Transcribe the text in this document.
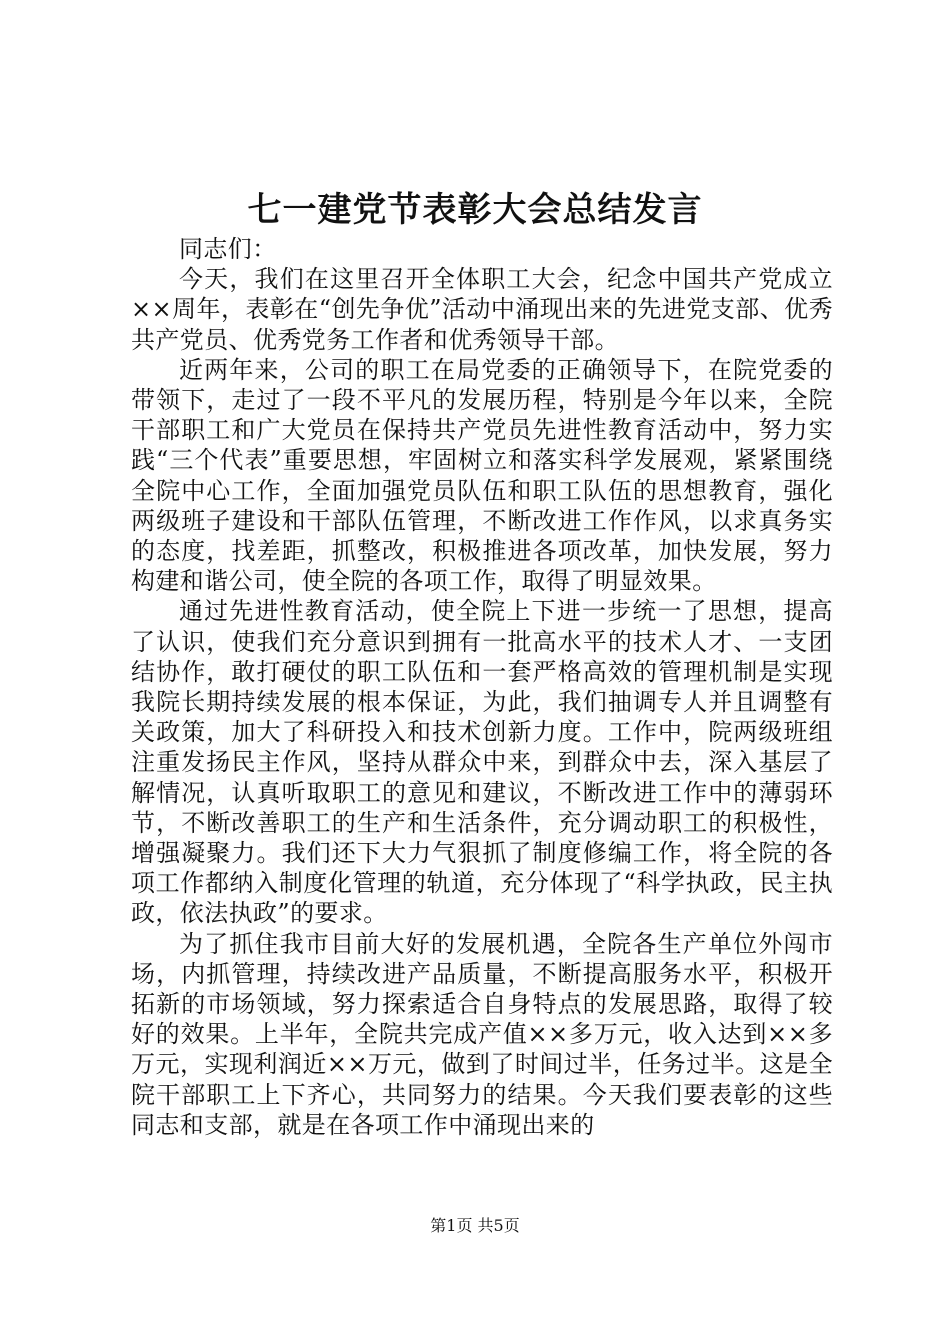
七一建党节表彰大会总结发言

同志们：

今天，我们在这里召开全体职工大会，纪念中国共产党成立××周年，表彰在“创先争优”活动中涌现出来的先进党支部、优秀共产党员、优秀党务工作者和优秀领导干部。

近两年来，公司的职工在局党委的正确领导下，在院党委的带领下，走过了一段不平凡的发展历程，特别是今年以来，全院干部职工和广大党员在保持共产党员先进性教育活动中，努力实践“三个代表”重要思想，牢固树立和落实科学发展观，紧紧围绕全院中心工作，全面加强党员队伍和职工队伍的思想教育，强化两级班子建设和干部队伍管理，不断改进工作作风，以求真务实的态度，找差距，抓整改，积极推进各项改革，加快发展，努力构建和谐公司，使全院的各项工作，取得了明显效果。

通过先进性教育活动，使全院上下进一步统一了思想，提高了认识，使我们充分意识到拥有一批高水平的技术人才、一支团结协作，敢打硬仗的职工队伍和一套严格高效的管理机制是实现我院长期持续发展的根本保证，为此，我们抽调专人并且调整有关政策，加大了科研投入和技术创新力度。工作中，院两级班组注重发扬民主作风，坚持从群众中来，到群众中去，深入基层了解情况，认真听取职工的意见和建议，不断改进工作中的薄弱环节，不断改善职工的生产和生活条件，充分调动职工的积极性，增强凝聚力。我们还下大力气狠抓了制度修编工作，将全院的各项工作都纳入制度化管理的轨道，充分体现了“科学执政，民主执政，依法执政”的要求。

为了抓住我市目前大好的发展机遇，全院各生产单位外闯市场，内抓管理，持续改进产品质量，不断提高服务水平，积极开拓新的市场领域，努力探索适合自身特点的发展思路，取得了较好的效果。上半年，全院共完成产值××多万元，收入达到××多万元，实现利润近××万元，做到了时间过半，任务过半。这是全院干部职工上下齐心，共同努力的结果。今天我们要表彰的这些同志和支部，就是在各项工作中涌现出来的

第1页 共5页
